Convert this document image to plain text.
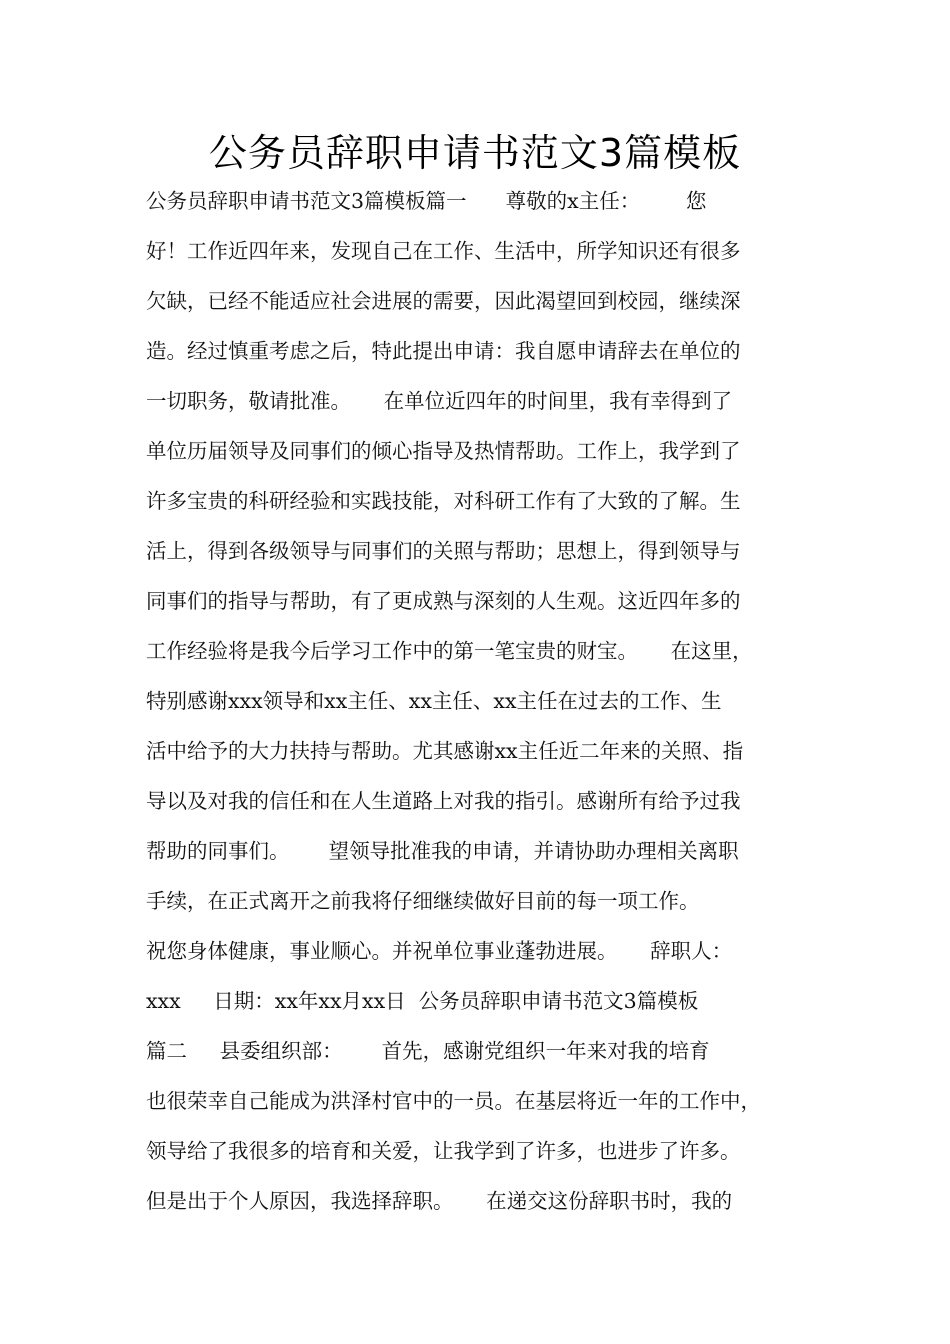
公务员辞职申请书范文3篇模板
公务员辞职申请书范文3篇模板篇一      尊敬的x主任：       您
好！工作近四年来，发现自己在工作、生活中，所学知识还有很多
欠缺，已经不能适应社会进展的需要，因此渴望回到校园，继续深
造。经过慎重考虑之后，特此提出申请：我自愿申请辞去在单位的
一切职务，敬请批准。     在单位近四年的时间里，我有幸得到了
单位历届领导及同事们的倾心指导及热情帮助。工作上，我学到了
许多宝贵的科研经验和实践技能，对科研工作有了大致的了解。生
活上，得到各级领导与同事们的关照与帮助；思想上，得到领导与
同事们的指导与帮助，有了更成熟与深刻的人生观。这近四年多的
工作经验将是我今后学习工作中的第一笔宝贵的财宝。     在这里，
特别感谢xxx领导和xx主任、xx主任、xx主任在过去的工作、生
活中给予的大力扶持与帮助。尤其感谢xx主任近二年来的关照、指
导以及对我的信任和在人生道路上对我的指引。感谢所有给予过我
帮助的同事们。      望领导批准我的申请，并请协助办理相关离职
手续，在正式离开之前我将仔细继续做好目前的每一项工作。
祝您身体健康，事业顺心。并祝单位事业蓬勃进展。     辞职人：
xxx     日期：xx年xx月xx日  公务员辞职申请书范文3篇模板
篇二     县委组织部：      首先，感谢党组织一年来对我的培育
也很荣幸自己能成为洪泽村官中的一员。在基层将近一年的工作中，
领导给了我很多的培育和关爱，让我学到了许多，也进步了许多。
但是出于个人原因，我选择辞职。     在递交这份辞职书时，我的
